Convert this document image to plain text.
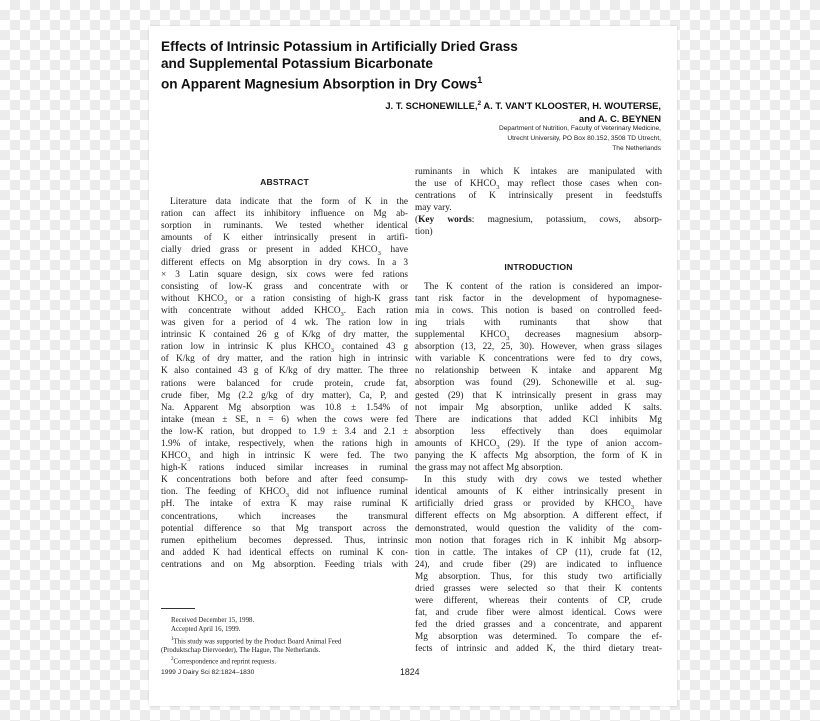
Effects of Intrinsic Potassium in Artificially Dried Grass
and Supplemental Potassium Bicarbonate
on Apparent Magnesium Absorption in Dry Cows$^1$
J. T. SCHONEWILLE,$^2$ A. T. VAN'T KLOOSTER, H. WOUTERSE,
and A. C. BEYNEN
Department of Nutrition, Faculty of Veterinary Medicine,
Utrecht University, PO Box 80.152, 3508 TD Utrecht,
The Netherlands
ABSTRACT
Literature data indicate that the form of K in the
ration can affect its inhibitory influence on Mg ab-
sorption in ruminants. We tested whether identical
amounts of K either intrinsically present in artifi-
cially dried grass or present in added $KHCO_3$ have
different effects on Mg absorption in dry cows. In a 3
× 3 Latin square design, six cows were fed rations
consisting of low-K grass and concentrate with or
without $KHCO_3$ or a ration consisting of high-K grass
with concentrate without added $KHCO_3$. Each ration
was given for a period of 4 wk. The ration low in
intrinsic K contained 26 g of K/kg of dry matter, the
ration low in intrinsic K plus $KHCO_3$ contained 43 g
of K/kg of dry matter, and the ration high in intrinsic
K also contained 43 g of K/kg of dry matter. The three
rations were balanced for crude protein, crude fat,
crude fiber, Mg (2.2 g/kg of dry matter), Ca, P, and
Na. Apparent Mg absorption was 10.8 ± 1.54% of
intake (mean ± SE, n = 6) when the cows were fed
the low-K ration, but dropped to 1.9 ± 3.4 and 2.1 ±
1.9% of intake, respectively, when the rations high in
$KHCO_3$ and high in intrinsic K were fed. The two
high-K rations induced similar increases in ruminal
K concentrations both before and after feed consump-
tion. The feeding of $KHCO_3$ did not influence ruminal
pH. The intake of extra K may raise ruminal K
concentrations, which increases the transmural
potential difference so that Mg transport across the
rumen epithelium becomes depressed. Thus, intrinsic
and added K had identical effects on ruminal K con-
centrations and on Mg absorption. Feeding trials with
ruminants in which K intakes are manipulated with
the use of $KHCO_3$ may reflect those cases when con-
centrations of K intrinsically present in feedstuffs
may vary.
(Key words: magnesium, potassium, cows, absorp-
tion)
INTRODUCTION
The K content of the ration is considered an impor-
tant risk factor in the development of hypomagnese-
mia in cows. This notion is based on controlled feed-
ing trials with ruminants that show that
supplemental $KHCO_3$ decreases magnesium absorp-
absorption (13, 22, 25, 30). However, when grass silages
with variable K concentrations were fed to dry cows,
no relationship between K intake and apparent Mg
absorption was found (29). Schonewille et al. sug-
gested (29) that K intrinsically present in grass may
not impair Mg absorption, unlike added K salts.
There are indications that added KCl inhibits Mg
absorption less effectively than does equimolar
amounts of $KHCO_3$ (29). If the type of anion accom-
panying the K affects Mg absorption, the form of K in
the grass may not affect Mg absorption.
In this study with dry cows we tested whether
identical amounts of K either intrinsically present in
artificially dried grass or provided by $KHCO_3$ have
different effects on Mg absorption. A different effect, if
demonstrated, would question the validity of the com-
mon notion that forages rich in K inhibit Mg absorp-
tion in cattle. The intakes of CP (11), crude fat (12,
24), and crude fiber (29) are indicated to influence
Mg absorption. Thus, for this study two artificially
dried grasses were selected so that their K contents
were different, whereas their contents of CP, crude
fat, and crude fiber were almost identical. Cows were
fed the dried grasses and a concentrate, and apparent
Mg absorption was determined. To compare the ef-
fects of intrinsic and added K, the third dietary treat-
Received December 15, 1998.
Accepted April 16, 1999.
$^1$This study was supported by the Product Board Animal Feed
(Produktschap Diervoeder), The Hague, The Netherlands.
$^2$Correspondence and reprint requests.
1999 J Dairy Sci 82:1824–1830	1824
